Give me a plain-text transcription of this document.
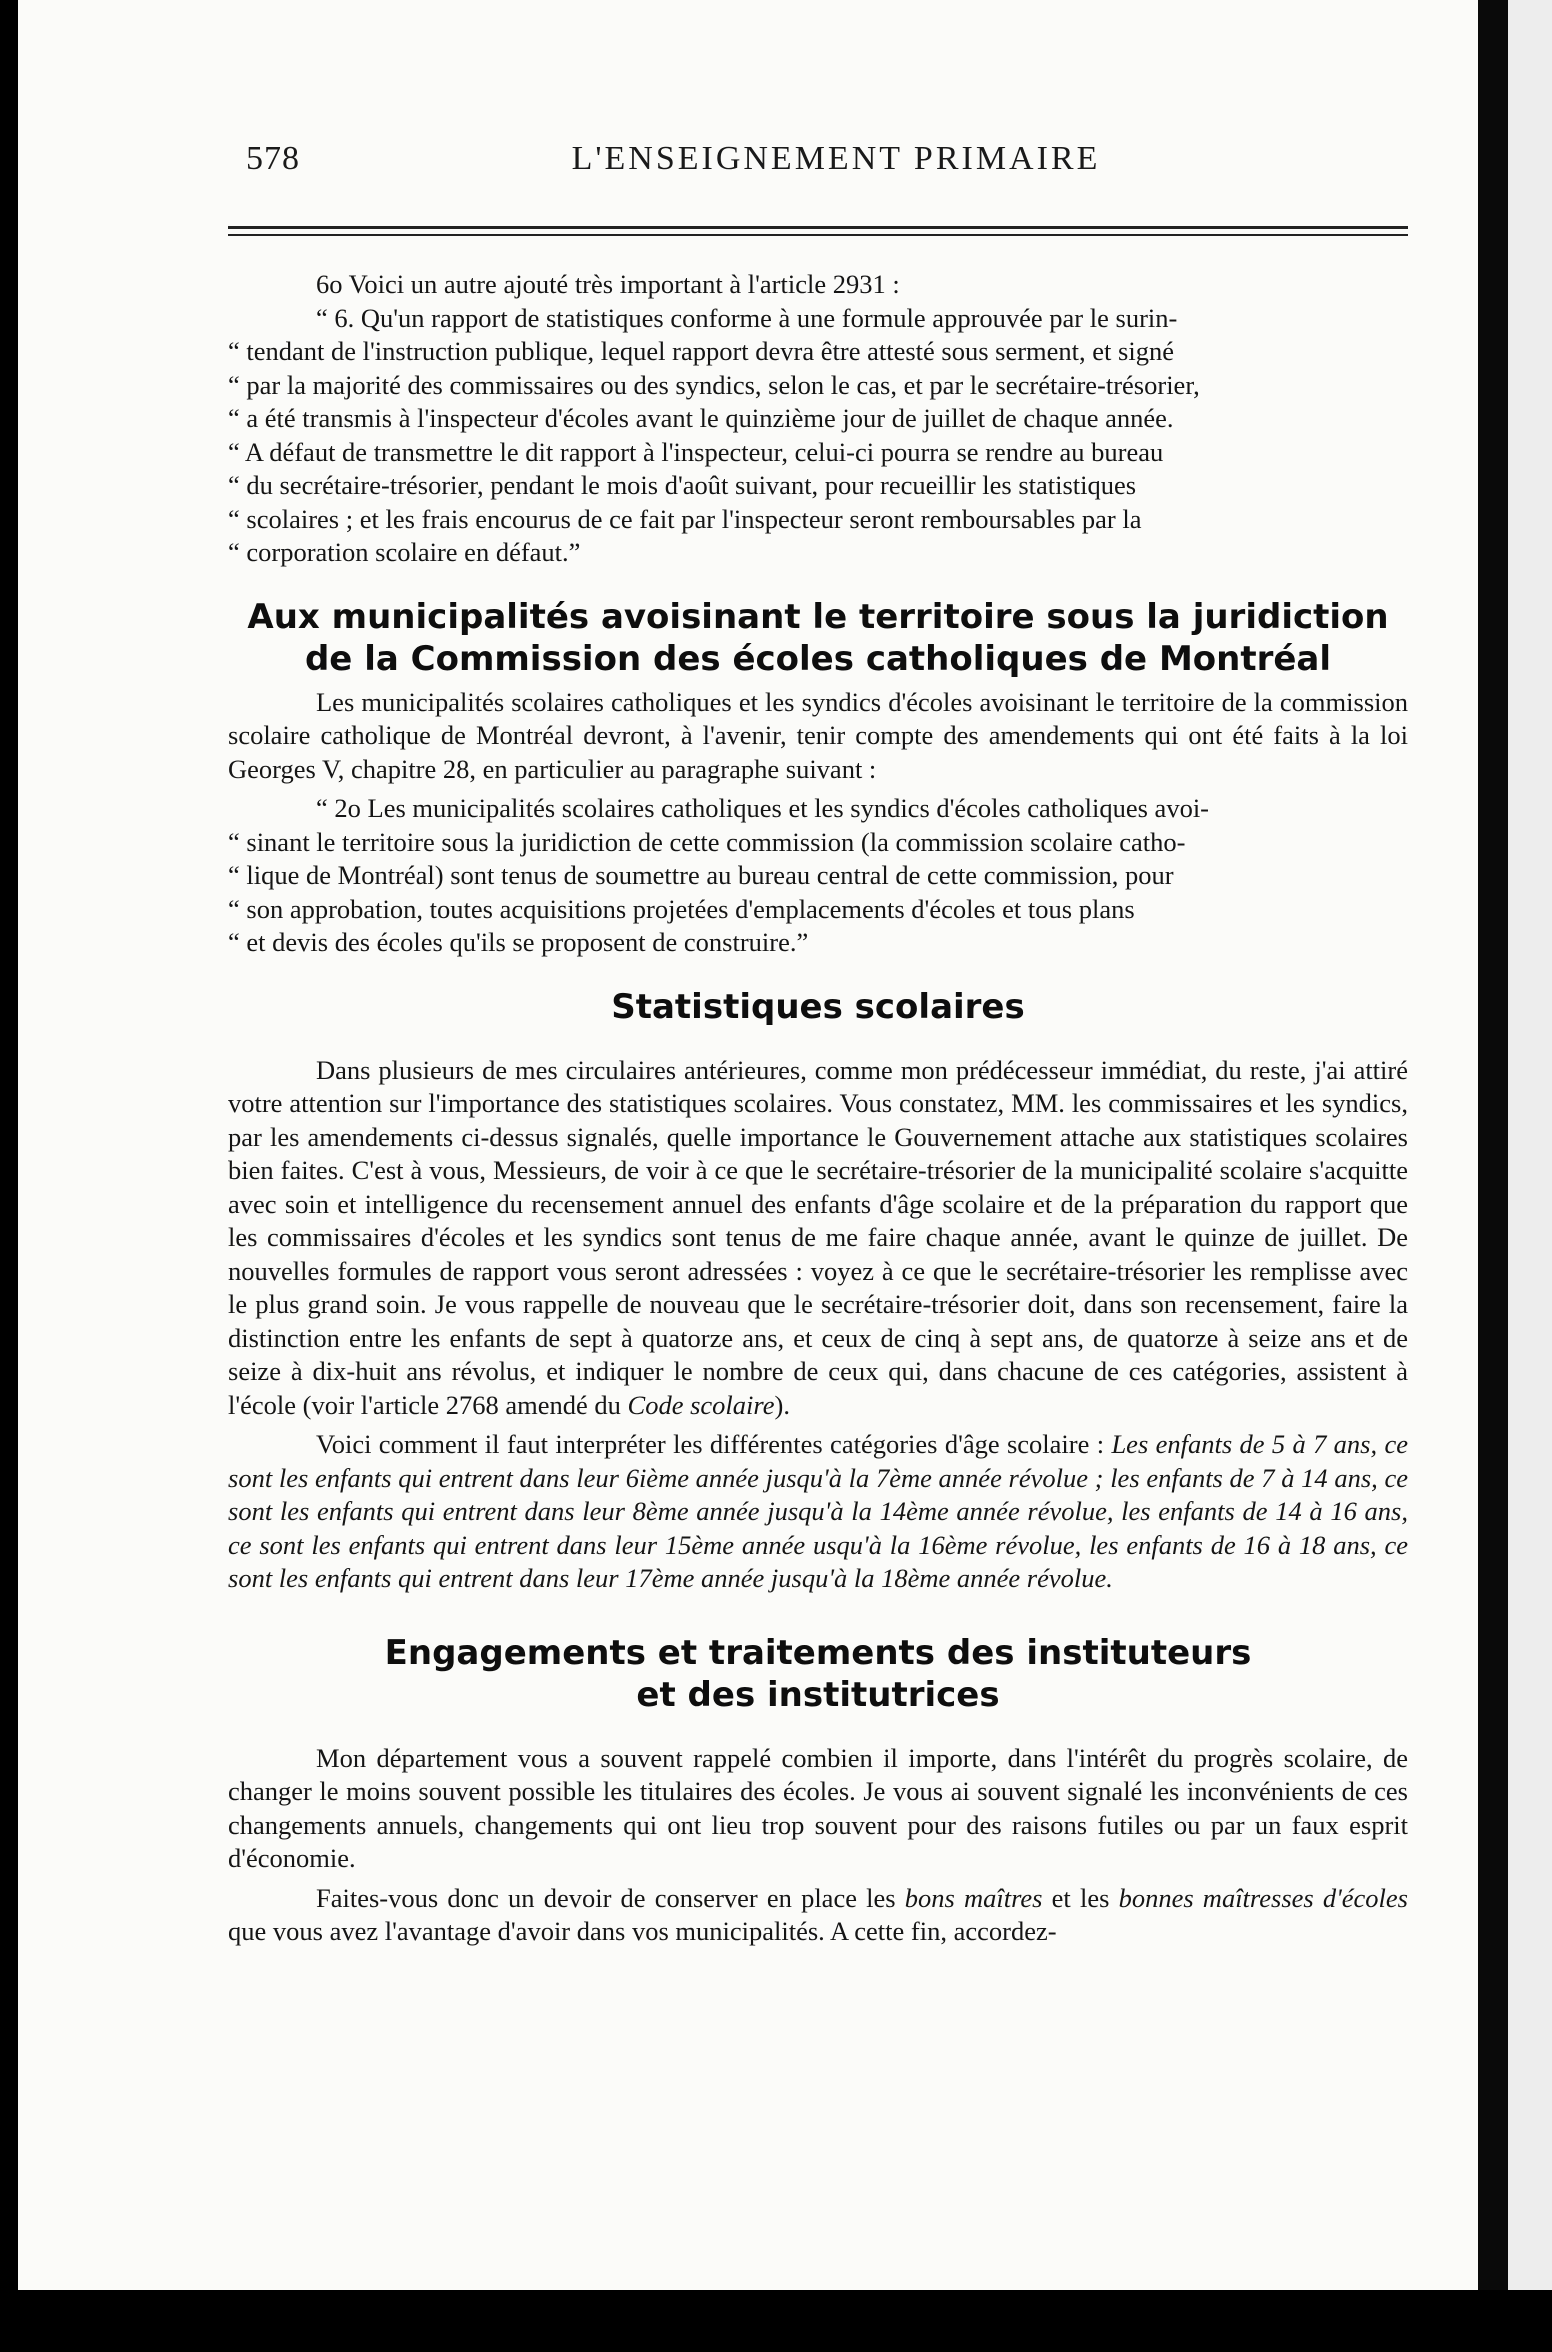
578	L'ENSEIGNEMENT PRIMAIRE

6o Voici un autre ajouté très important à l'article 2931 :

“ 6. Qu'un rapport de statistiques conforme à une formule approuvée par le surin-

“ tendant de l'instruction publique, lequel rapport devra être attesté sous serment, et signé

“ par la majorité des commissaires ou des syndics, selon le cas, et par le secrétaire-trésorier,

“ a été transmis à l'inspecteur d'écoles avant le quinzième jour de juillet de chaque année.

“ A défaut de transmettre le dit rapport à l'inspecteur, celui-ci pourra se rendre au bureau

“ du secrétaire-trésorier, pendant le mois d'août suivant, pour recueillir les statistiques

“ scolaires ; et les frais encourus de ce fait par l'inspecteur seront remboursables par la

“ corporation scolaire en défaut.”

Aux municipalités avoisinant le territoire sous la juridiction

de la Commission des écoles catholiques de Montréal

Les municipalités scolaires catholiques et les syndics d'écoles avoisinant le territoire de la commission scolaire catholique de Montréal devront, à l'avenir, tenir compte des amendements qui ont été faits à la loi Georges V, chapitre 28, en particulier au paragraphe suivant :

“ 2o Les municipalités scolaires catholiques et les syndics d'écoles catholiques avoi-

“ sinant le territoire sous la juridiction de cette commission (la commission scolaire catho-

“ lique de Montréal) sont tenus de soumettre au bureau central de cette commission, pour

“ son approbation, toutes acquisitions projetées d'emplacements d'écoles et tous plans

“ et devis des écoles qu'ils se proposent de construire.”

Statistiques scolaires

Dans plusieurs de mes circulaires antérieures, comme mon prédécesseur immédiat, du reste, j'ai attiré votre attention sur l'importance des statistiques scolaires. Vous constatez, MM. les commissaires et les syndics, par les amendements ci-dessus signalés, quelle importance le Gouvernement attache aux statistiques scolaires bien faites. C'est à vous, Messieurs, de voir à ce que le secrétaire-trésorier de la municipalité scolaire s'acquitte avec soin et intelligence du recensement annuel des enfants d'âge scolaire et de la préparation du rapport que les commissaires d'écoles et les syndics sont tenus de me faire chaque année, avant le quinze de juillet. De nouvelles formules de rapport vous seront adressées : voyez à ce que le secrétaire-trésorier les remplisse avec le plus grand soin. Je vous rappelle de nouveau que le secrétaire-trésorier doit, dans son recensement, faire la distinction entre les enfants de sept à quatorze ans, et ceux de cinq à sept ans, de quatorze à seize ans et de seize à dix-huit ans révolus, et indiquer le nombre de ceux qui, dans chacune de ces catégories, assistent à l'école (voir l'article 2768 amendé du Code scolaire).

Voici comment il faut interpréter les différentes catégories d'âge scolaire : Les enfants de 5 à 7 ans, ce sont les enfants qui entrent dans leur 6ième année jusqu'à la 7ème année révolue ; les enfants de 7 à 14 ans, ce sont les enfants qui entrent dans leur 8ème année jusqu'à la 14ème année révolue, les enfants de 14 à 16 ans, ce sont les enfants qui entrent dans leur 15ème année usqu'à la 16ème révolue, les enfants de 16 à 18 ans, ce sont les enfants qui entrent dans leur 17ème année jusqu'à la 18ème année révolue.

Engagements et traitements des instituteurs

et des institutrices

Mon département vous a souvent rappelé combien il importe, dans l'intérêt du progrès scolaire, de changer le moins souvent possible les titulaires des écoles. Je vous ai souvent signalé les inconvénients de ces changements annuels, changements qui ont lieu trop souvent pour des raisons futiles ou par un faux esprit d'économie.

Faites-vous donc un devoir de conserver en place les bons maîtres et les bonnes maîtresses d'écoles que vous avez l'avantage d'avoir dans vos municipalités. A cette fin, accordez-
